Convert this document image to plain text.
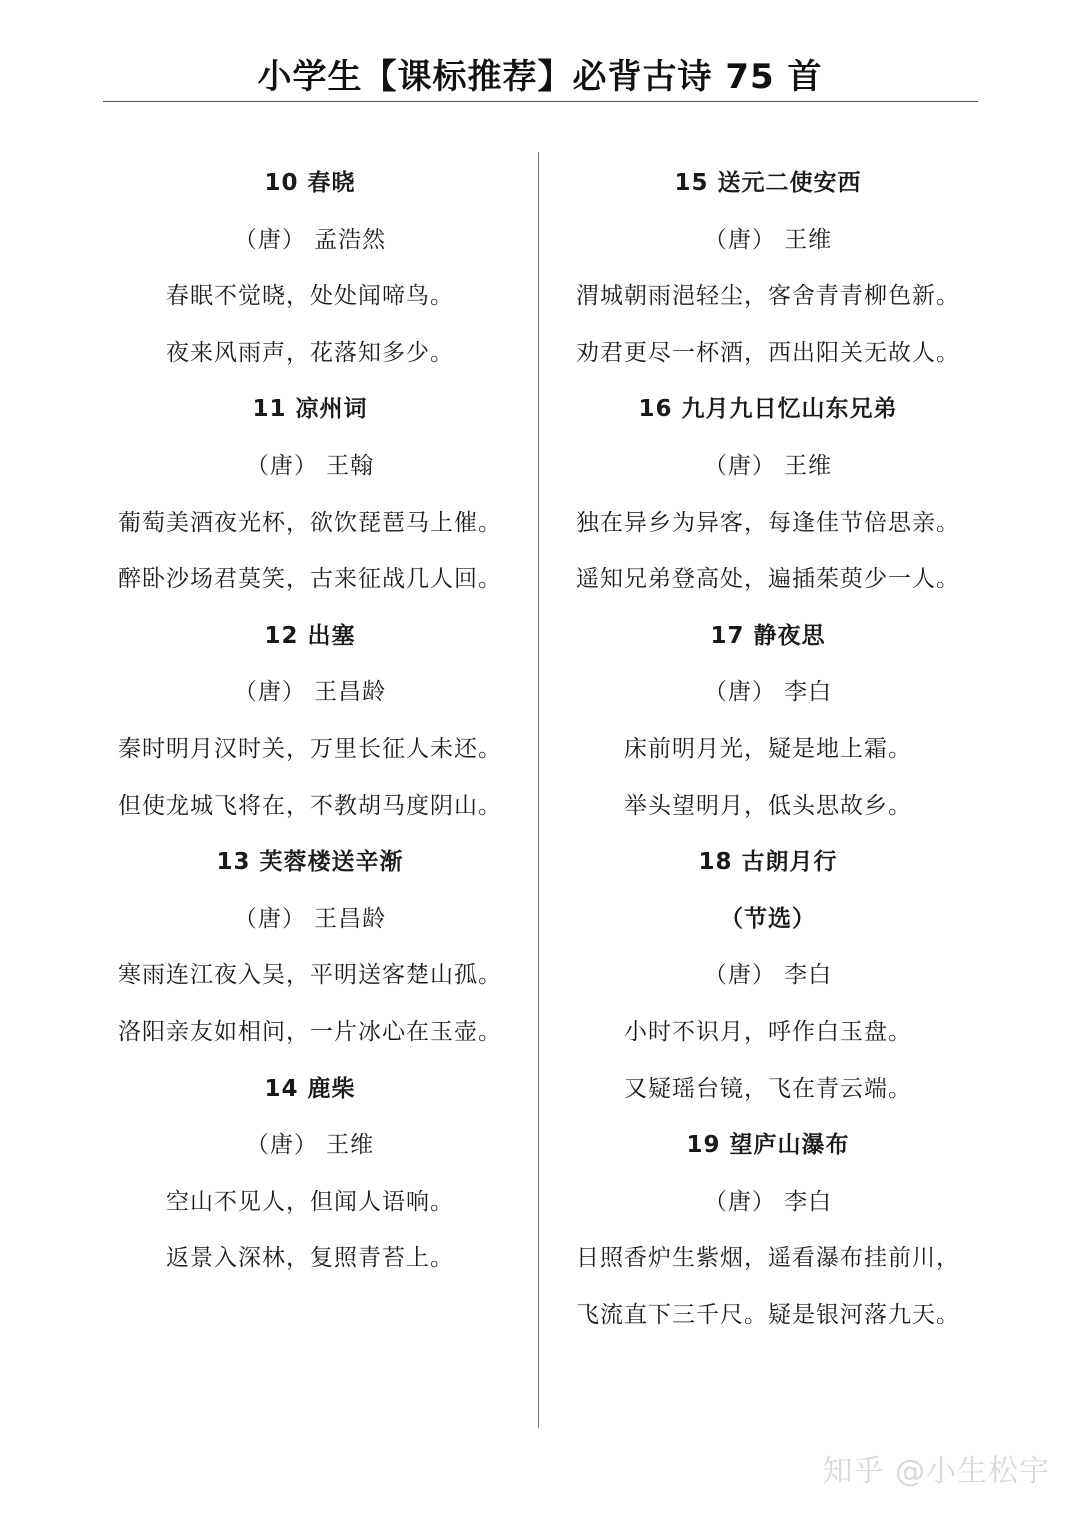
小学生【课标推荐】必背古诗 75 首
10 春晓
（唐） 孟浩然
春眠不觉晓，处处闻啼鸟。
夜来风雨声，花落知多少。
11 凉州词
（唐） 王翰
葡萄美酒夜光杯，欲饮琵琶马上催。
醉卧沙场君莫笑，古来征战几人回。
12 出塞
（唐） 王昌龄
秦时明月汉时关，万里长征人未还。
但使龙城飞将在，不教胡马度阴山。
13 芙蓉楼送辛渐
（唐） 王昌龄
寒雨连江夜入吴，平明送客楚山孤。
洛阳亲友如相问，一片冰心在玉壶。
14 鹿柴
（唐） 王维
空山不见人，但闻人语响。
返景入深林，复照青苔上。
15 送元二使安西
（唐） 王维
渭城朝雨浥轻尘，客舍青青柳色新。
劝君更尽一杯酒，西出阳关无故人。
16 九月九日忆山东兄弟
（唐） 王维
独在异乡为异客，每逢佳节倍思亲。
遥知兄弟登高处，遍插茱萸少一人。
17 静夜思
（唐） 李白
床前明月光，疑是地上霜。
举头望明月，低头思故乡。
18 古朗月行
（节选）
（唐） 李白
小时不识月，呼作白玉盘。
又疑瑶台镜，飞在青云端。
19 望庐山瀑布
（唐） 李白
日照香炉生紫烟，遥看瀑布挂前川，
飞流直下三千尺。疑是银河落九天。
知乎 @小生松宇
